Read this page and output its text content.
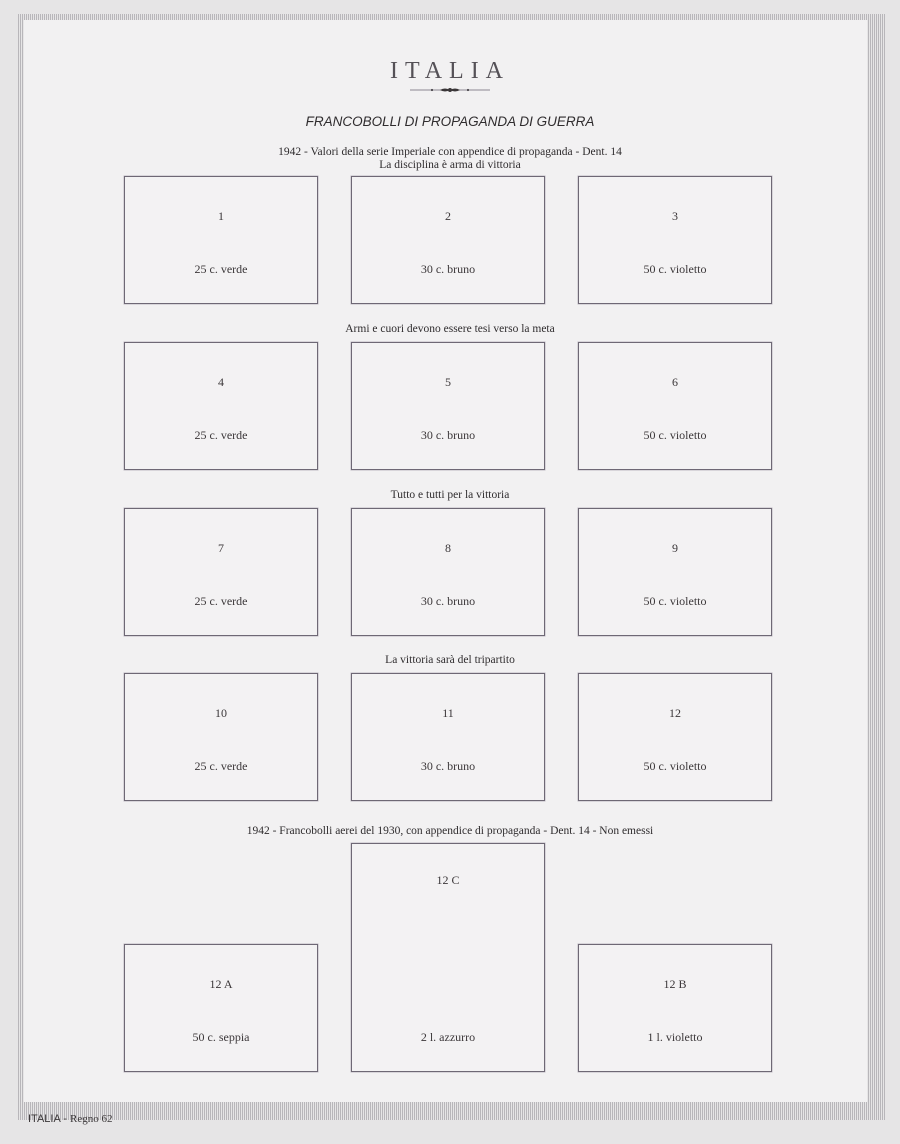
ITALIA
FRANCOBOLLI DI PROPAGANDA DI GUERRA
1942 - Valori della serie Imperiale con appendice di propaganda - Dent. 14
La disciplina è arma di vittoria
Armi e cuori devono essere tesi verso la meta
Tutto e tutti per la vittoria
La vittoria sarà del tripartito
1942 - Francobolli aerei del 1930, con appendice di propaganda - Dent. 14 - Non emessi
1
25 c. verde
2
30 c. bruno
3
50 c. violetto
4
25 c. verde
5
30 c. bruno
6
50 c. violetto
7
25 c. verde
8
30 c. bruno
9
50 c. violetto
10
25 c. verde
11
30 c. bruno
12
50 c. violetto
12 A
50 c. seppia
12 C
2 l. azzurro
12 B
1 l. violetto
ITALIA - Regno 62
